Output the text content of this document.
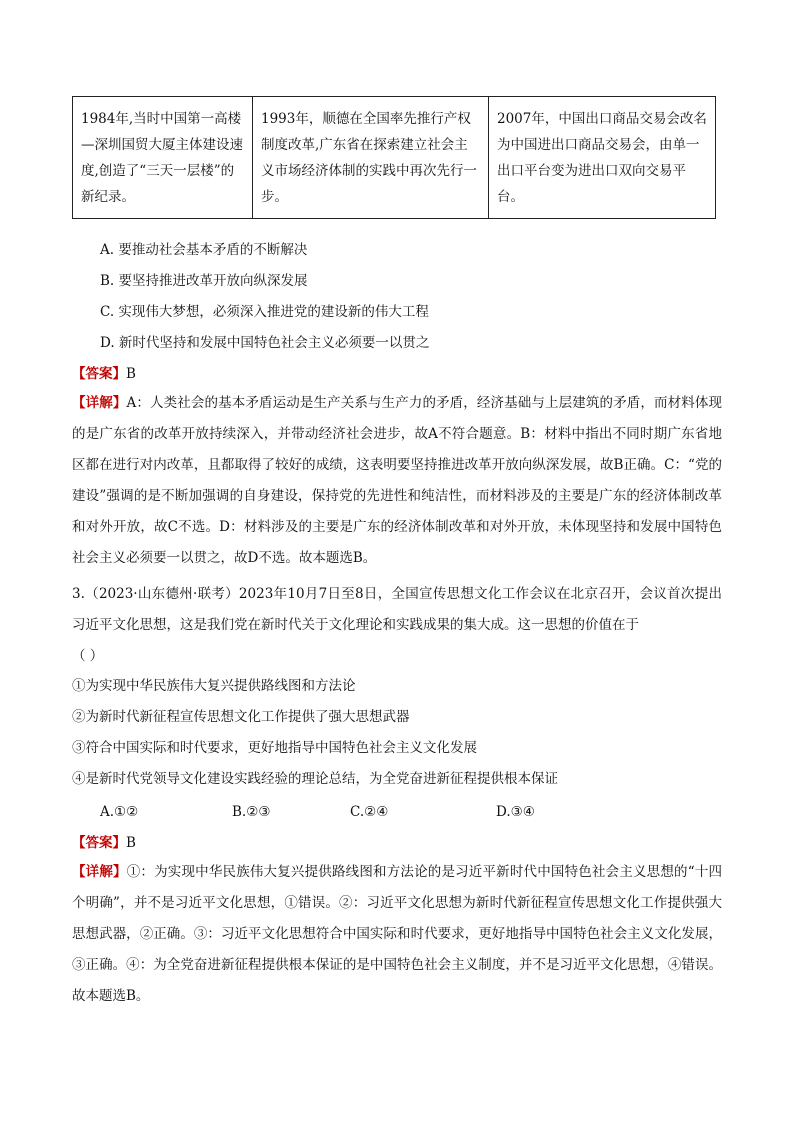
1984年,当时中国第一高楼—深圳国贸大厦主体建设速度,创造了“三天一层楼”的新纪录。	1993年，顺德在全国率先推行产权制度改革,广东省在探索建立社会主义市场经济体制的实践中再次先行一步。	2007年，中国出口商品交易会改名为中国进出口商品交易会，由单一出口平台变为进出口双向交易平台。
A. 要推动社会基本矛盾的不断解决
B. 要坚持推进改革开放向纵深发展
C. 实现伟大梦想，必须深入推进党的建设新的伟大工程
D. 新时代坚持和发展中国特色社会主义必须要一以贯之
【答案】B
【详解】A：人类社会的基本矛盾运动是生产关系与生产力的矛盾，经济基础与上层建筑的矛盾，而材料体现的是广东省的改革开放持续深入，并带动经济社会进步，故A不符合题意。B：材料中指出不同时期广东省地区都在进行对内改革，且都取得了较好的成绩，这表明要坚持推进改革开放向纵深发展，故B正确。C：“党的建设”强调的是不断加强调的自身建设，保持党的先进性和纯洁性，而材料涉及的主要是广东的经济体制改革和对外开放，故C不选。D：材料涉及的主要是广东的经济体制改革和对外开放，未体现坚持和发展中国特色社会主义必须要一以贯之，故D不选。故本题选B。
3.（2023·山东德州·联考）2023年10月7日至8日，全国宣传思想文化工作会议在北京召开，会议首次提出习近平文化思想，这是我们党在新时代关于文化理论和实践成果的集大成。这一思想的价值在于
（ ）
①为实现中华民族伟大复兴提供路线图和方法论
②为新时代新征程宣传思想文化工作提供了强大思想武器
③符合中国实际和时代要求，更好地指导中国特色社会主义文化发展
④是新时代党领导文化建设实践经验的理论总结，为全党奋进新征程提供根本保证
A.①②	B.②③	C.②④	D.③④
【答案】B
【详解】①：为实现中华民族伟大复兴提供路线图和方法论的是习近平新时代中国特色社会主义思想的“十四个明确”，并不是习近平文化思想，①错误。②：习近平文化思想为新时代新征程宣传思想文化工作提供强大思想武器，②正确。③：习近平文化思想符合中国实际和时代要求，更好地指导中国特色社会主义文化发展，③正确。④：为全党奋进新征程提供根本保证的是中国特色社会主义制度，并不是习近平文化思想，④错误。故本题选B。
